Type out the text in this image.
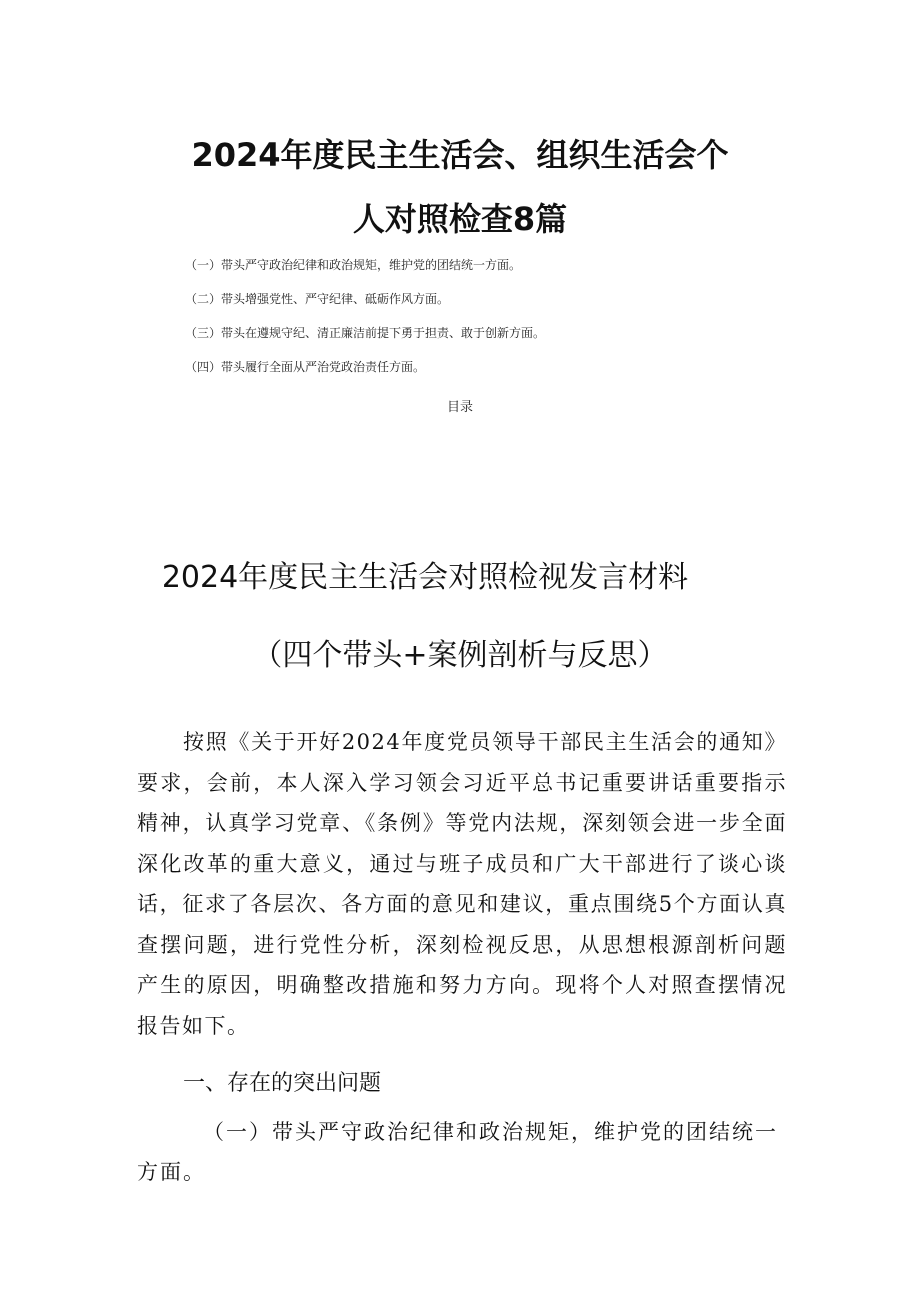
2024年度民主生活会、组织生活会个
人对照检查8篇
（一）带头严守政治纪律和政治规矩，维护党的团结统一方面。
（二）带头增强党性、严守纪律、砥砺作风方面。
（三）带头在遵规守纪、清正廉洁前提下勇于担责、敢于创新方面。
（四）带头履行全面从严治党政治责任方面。
目录
2024年度民主生活会对照检视发言材料
（四个带头+案例剖析与反思）
按照《关于开好2024年度党员领导干部民主生活会的通知》要求，会前，本人深入学习领会习近平总书记重要讲话重要指示精神，认真学习党章、《条例》等党内法规，深刻领会进一步全面深化改革的重大意义，通过与班子成员和广大干部进行了谈心谈话，征求了各层次、各方面的意见和建议，重点围绕5个方面认真查摆问题，进行党性分析，深刻检视反思，从思想根源剖析问题产生的原因，明确整改措施和努力方向。现将个人对照查摆情况报告如下。
一、存在的突出问题
（一）带头严守政治纪律和政治规矩，维护党的团结统一方面。
